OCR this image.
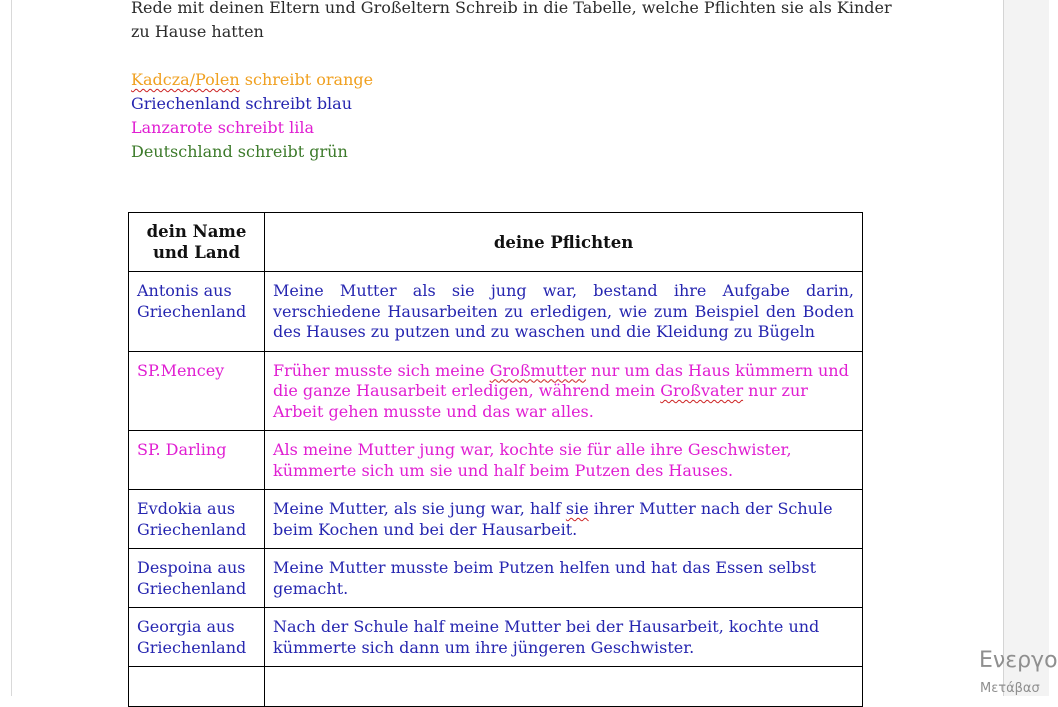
Rede mit deinen Eltern und Großeltern Schreib in die Tabelle, welche Pflichten sie als Kinder

zu Hause hatten

Kadcza/Polen schreibt orange
Griechenland schreibt blau
Lanzarote schreibt lila
Deutschland schreibt grün
dein Name und Land	deine Pflichten
Antonis aus Griechenland	Meine Mutter als sie jung war, bestand ihre Aufgabe darin, verschiedene Hausarbeiten zu erledigen, wie zum Beispiel den Boden des Hauses zu putzen und zu waschen und die Kleidung zu Bügeln
SP.Mencey	Früher musste sich meine Großmutter nur um das Haus kümmern und die ganze Hausarbeit erledigen, während mein Großvater nur zur Arbeit gehen musste und das war alles.
SP. Darling	Als meine Mutter jung war, kochte sie für alle ihre Geschwister, kümmerte sich um sie und half beim Putzen des Hauses.
Evdokia aus Griechenland	Meine Mutter, als sie jung war, half sie ihrer Mutter nach der Schule beim Kochen und bei der Hausarbeit.
Despoina aus Griechenland	Meine Mutter musste beim Putzen helfen und hat das Essen selbst gemacht.
Georgia aus Griechenland	Nach der Schule half meine Mutter bei der Hausarbeit, kochte und kümmerte sich dann um ihre jüngeren Geschwister.

Ενεργο
Μετάβασ
